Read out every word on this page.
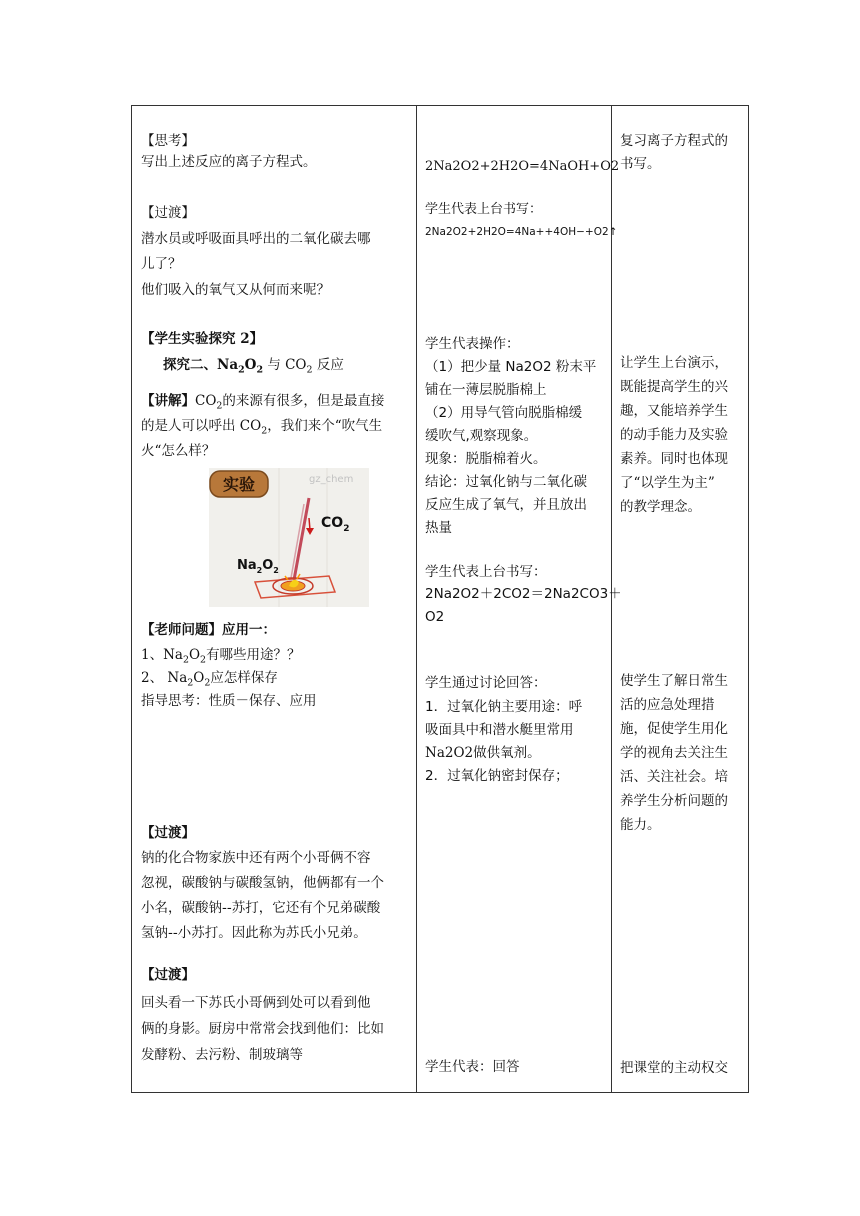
【思考】
写出上述反应的离子方程式。
【过渡】
潜水员或呼吸面具呼出的二氧化碳去哪
儿了？
他们吸入的氧气又从何而来呢？
【学生实验探究 2】
探究二、$Na_2O_2$ 与 $CO_2$ 反应
【讲解】$CO_2$的来源有很多，但是最直接
的是人可以呼出 $CO_2$，我们来个“吹气生
火“怎么样？
【老师问题】应用一：
1、$Na_2O_2$有哪些用途？？
2、 $Na_2O_2$应怎样保存
指导思考：性质－保存、应用
【过渡】
钠的化合物家族中还有两个小哥俩不容
忽视，碳酸钠与碳酸氢钠，他俩都有一个
小名，碳酸钠--苏打，它还有个兄弟碳酸
氢钠--小苏打。因此称为苏氏小兄弟。
【过渡】
回头看一下苏氏小哥俩到处可以看到他
俩的身影。厨房中常常会找到他们：比如
发酵粉、去污粉、制玻璃等
实验	gz_chem
$CO_2$
$Na_2O_2$
2Na2O2+2H2O=4NaOH+O2
学生代表上台书写：
2Na2O2+2H2O=4Na++4OH−+O2↑
学生代表操作：
（1）把少量 Na2O2 粉末平
铺在一薄层脱脂棉上
（2）用导气管向脱脂棉缓
缓吹气,观察现象。
现象：脱脂棉着火。
结论：过氧化钠与二氧化碳
反应生成了氧气，并且放出
热量
学生代表上台书写：
2Na2O2＋2CO2＝2Na2CO3＋
O2
学生通过讨论回答：
1．过氧化钠主要用途：呼
吸面具中和潜水艇里常用
Na2O2做供氧剂。
2．过氧化钠密封保存；
学生代表：回答
复习离子方程式的
书写。
让学生上台演示，
既能提高学生的兴
趣，又能培养学生
的动手能力及实验
素养。同时也体现
了“以学生为主”
的教学理念。
使学生了解日常生
活的应急处理措
施，促使学生用化
学的视角去关注生
活、关注社会。培
养学生分析问题的
能力。
把课堂的主动权交
